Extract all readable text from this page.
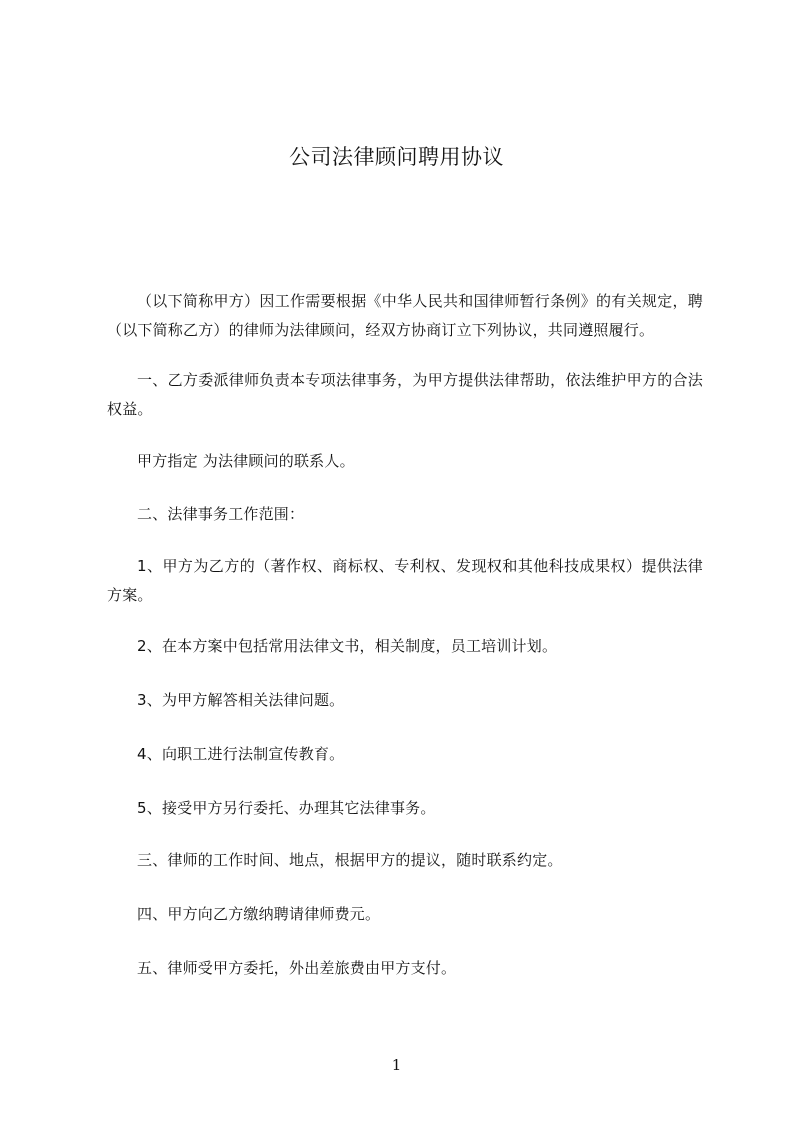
公司法律顾问聘用协议
（以下简称甲方）因工作需要根据《中华人民共和国律师暂行条例》的有关规定，聘　（以下简称乙方）的律师为法律顾问，经双方协商订立下列协议，共同遵照履行。
一、乙方委派律师负责本专项法律事务，为甲方提供法律帮助，依法维护甲方的合法权益。
甲方指定 为法律顾问的联系人。
二、法律事务工作范围：
1、甲方为乙方的（著作权、商标权、专利权、发现权和其他科技成果权）提供法律方案。
2、在本方案中包括常用法律文书，相关制度，员工培训计划。
3、为甲方解答相关法律问题。
4、向职工进行法制宣传教育。
5、接受甲方另行委托、办理其它法律事务。
三、律师的工作时间、地点，根据甲方的提议，随时联系约定。
四、甲方向乙方缴纳聘请律师费元。
五、律师受甲方委托，外出差旅费由甲方支付。
1
